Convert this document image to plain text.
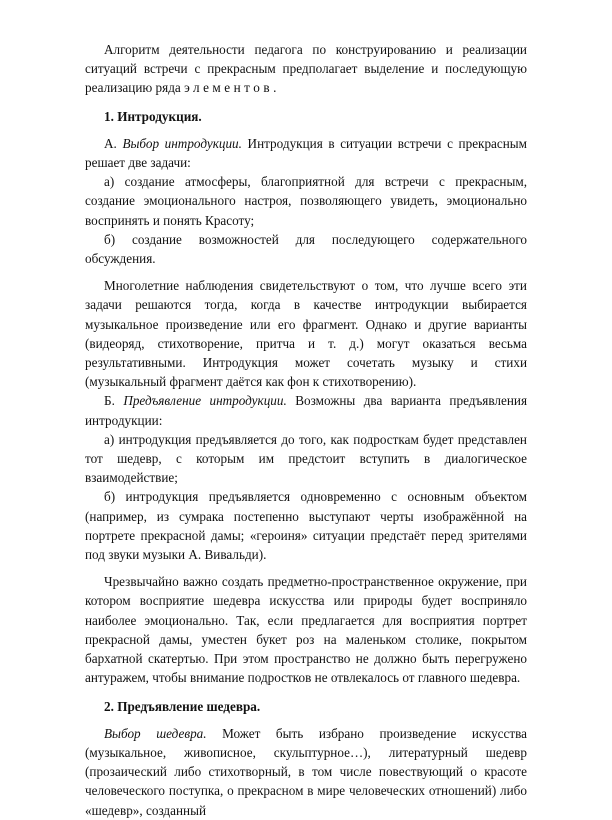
Алгоритм деятельности педагога по конструированию и реализации ситуаций встречи с прекрасным предполагает выделение и последующую реализацию ряда элементов.

1. Интродукция.

А. Выбор интродукции. Интродукция в ситуации встречи с прекрасным решает две задачи:

а) создание атмосферы, благоприятной для встречи с прекрасным, создание эмоционального настроя, позволяющего увидеть, эмоционально воспринять и понять Красоту;

б) создание возможностей для последующего содержательного обсуждения.

Многолетние наблюдения свидетельствуют о том, что лучше всего эти задачи решаются тогда, когда в качестве интродукции выбирается музыкальное произведение или его фрагмент. Однако и другие варианты (видеоряд, стихотворение, притча и т. д.) могут оказаться весьма результативными. Интродукция может сочетать музыку и стихи (музыкальный фрагмент даётся как фон к стихотворению).

Б. Предъявление интродукции. Возможны два варианта предъявления интродукции:

а) интродукция предъявляется до того, как подросткам будет представлен тот шедевр, с которым им предстоит вступить в диалогическое взаимодействие;

б) интродукция предъявляется одновременно с основным объектом (например, из сумрака постепенно выступают черты изображённой на портрете прекрасной дамы; «героиня» ситуации предстаёт перед зрителями под звуки музыки А. Вивальди).

Чрезвычайно важно создать предметно-пространственное окружение, при котором восприятие шедевра искусства или природы будет восприняло наиболее эмоционально. Так, если предлагается для восприятия портрет прекрасной дамы, уместен букет роз на маленьком столике, покрытом бархатной скатертью. При этом пространство не должно быть перегружено антуражем, чтобы внимание подростков не отвлекалось от главного шедевра.

2. Предъявление шедевра.

Выбор шедевра. Может быть избрано произведение искусства (музыкальное, живописное, скульптурное…), литературный шедевр (прозаический либо стихотворный, в том числе повествующий о красоте человеческого поступка, о прекрасном в мире человеческих отношений) либо «шедевр», созданный
